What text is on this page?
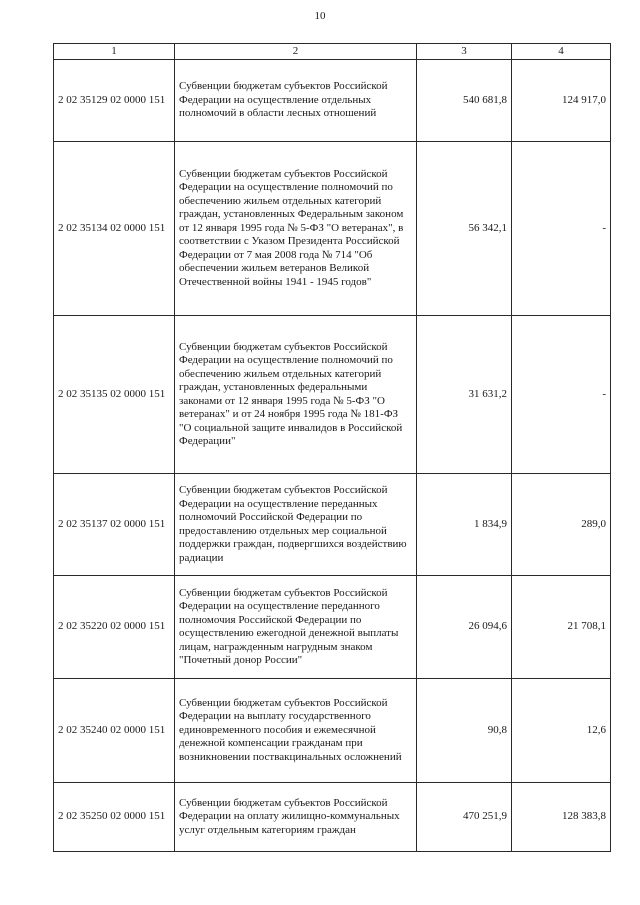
10
1	2	3	4
2 02 35129 02 0000 151	Субвенции бюджетам субъектов Российской Федерации на осуществление отдельных полномочий в области лесных отношений	540 681,8	124 917,0
2 02 35134 02 0000 151	Субвенции бюджетам субъектов Российской Федерации на осуществление полномочий по обеспечению жильем отдельных категорий граждан, установленных Федеральным законом от 12 января 1995 года № 5-ФЗ "О ветеранах", в соответствии с Указом Президента Российской Федерации от 7 мая 2008 года № 714 "Об обеспечении жильем ветеранов Великой Отечественной войны 1941 - 1945 годов"	56 342,1	-
2 02 35135 02 0000 151	Субвенции бюджетам субъектов Российской Федерации на осуществление полномочий по обеспечению жильем отдельных категорий граждан, установленных федеральными законами от 12 января 1995 года № 5-ФЗ "О ветеранах" и от 24 ноября 1995 года № 181-ФЗ "О социальной защите инвалидов в Российской Федерации"	31 631,2	-
2 02 35137 02 0000 151	Субвенции бюджетам субъектов Российской Федерации на осуществление переданных полномочий Российской Федерации по предоставлению отдельных мер социальной поддержки граждан, подвергшихся воздействию радиации	1 834,9	289,0
2 02 35220 02 0000 151	Субвенции бюджетам субъектов Российской Федерации на осуществление переданного полномочия Российской Федерации по осуществлению ежегодной денежной выплаты лицам, награжденным нагрудным знаком "Почетный донор России"	26 094,6	21 708,1
2 02 35240 02 0000 151	Субвенции бюджетам субъектов Российской Федерации на выплату государственного единовременного пособия и ежемесячной денежной компенсации гражданам при возникновении поствакцинальных осложнений	90,8	12,6
2 02 35250 02 0000 151	Субвенции бюджетам субъектов Российской Федерации на оплату жилищно-коммунальных услуг отдельным категориям граждан	470 251,9	128 383,8
